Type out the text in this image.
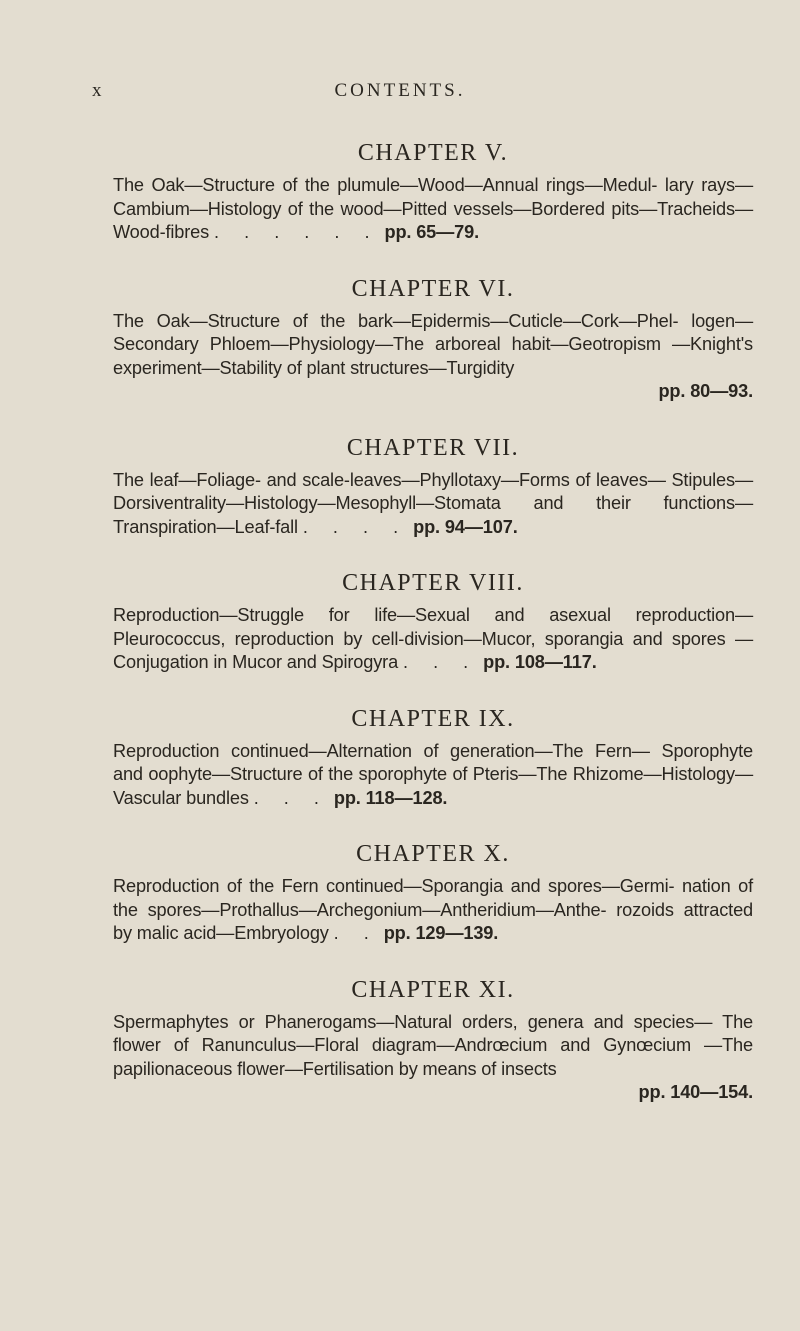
x	CONTENTS.
CHAPTER V.

The Oak—Structure of the plumule—Wood—Annual rings—Medul- lary rays—Cambium—Histology of the wood—Pitted vessels—Bordered pits—Tracheids—Wood-fibres . . . . . . pp. 65—79.

CHAPTER VI.

The Oak—Structure of the bark—Epidermis—Cuticle—Cork—Phel- logen—Secondary Phloem—Physiology—The arboreal habit—Geotropism —Knight's experiment—Stability of plant structures—Turgidity
pp. 80—93.

CHAPTER VII.

The leaf—Foliage- and scale-leaves—Phyllotaxy—Forms of leaves— Stipules—Dorsiventrality—Histology—Mesophyll—Stomata and their functions—Transpiration—Leaf-fall . . . . pp. 94—107.

CHAPTER VIII.

Reproduction—Struggle for life—Sexual and asexual reproduction— Pleurococcus, reproduction by cell-division—Mucor, sporangia and spores —Conjugation in Mucor and Spirogyra . . . pp. 108—117.

CHAPTER IX.

Reproduction continued—Alternation of generation—The Fern— Sporophyte and oophyte—Structure of the sporophyte of Pteris—The Rhizome—Histology—Vascular bundles . . . pp. 118—128.

CHAPTER X.

Reproduction of the Fern continued—Sporangia and spores—Germi- nation of the spores—Prothallus—Archegonium—Antheridium—Anthe- rozoids attracted by malic acid—Embryology . . pp. 129—139.

CHAPTER XI.

Spermaphytes or Phanerogams—Natural orders, genera and species— The flower of Ranunculus—Floral diagram—Andrœcium and Gynœcium —The papilionaceous flower—Fertilisation by means of insects
pp. 140—154.
